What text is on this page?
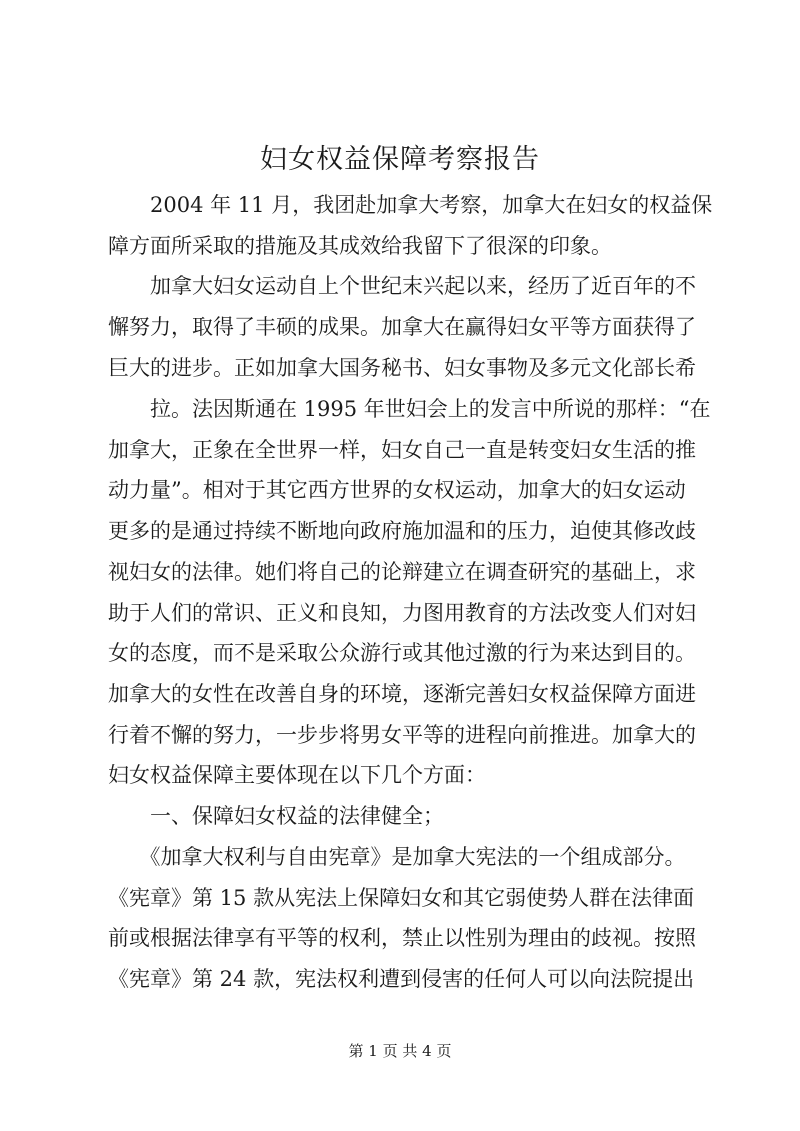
妇女权益保障考察报告
　　2004 年 11 月，我团赴加拿大考察，加拿大在妇女的权益保
障方面所采取的措施及其成效给我留下了很深的印象。
　　加拿大妇女运动自上个世纪末兴起以来，经历了近百年的不
懈努力，取得了丰硕的成果。加拿大在赢得妇女平等方面获得了
巨大的进步。正如加拿大国务秘书、妇女事物及多元文化部长希
　　拉。法因斯通在 1995 年世妇会上的发言中所说的那样：“在
加拿大，正象在全世界一样，妇女自己一直是转变妇女生活的推
动力量”。相对于其它西方世界的女权运动，加拿大的妇女运动
更多的是通过持续不断地向政府施加温和的压力，迫使其修改歧
视妇女的法律。她们将自己的论辩建立在调查研究的基础上，求
助于人们的常识、正义和良知，力图用教育的方法改变人们对妇
女的态度，而不是采取公众游行或其他过激的行为来达到目的。
加拿大的女性在改善自身的环境，逐渐完善妇女权益保障方面进
行着不懈的努力，一步步将男女平等的进程向前推进。加拿大的
妇女权益保障主要体现在以下几个方面：
　　一、保障妇女权益的法律健全；
　　《加拿大权利与自由宪章》是加拿大宪法的一个组成部分。
《宪章》第 15 款从宪法上保障妇女和其它弱使势人群在法律面
前或根据法律享有平等的权利，禁止以性别为理由的歧视。按照
《宪章》第 24 款，宪法权利遭到侵害的任何人可以向法院提出
第 1 页 共 4 页
